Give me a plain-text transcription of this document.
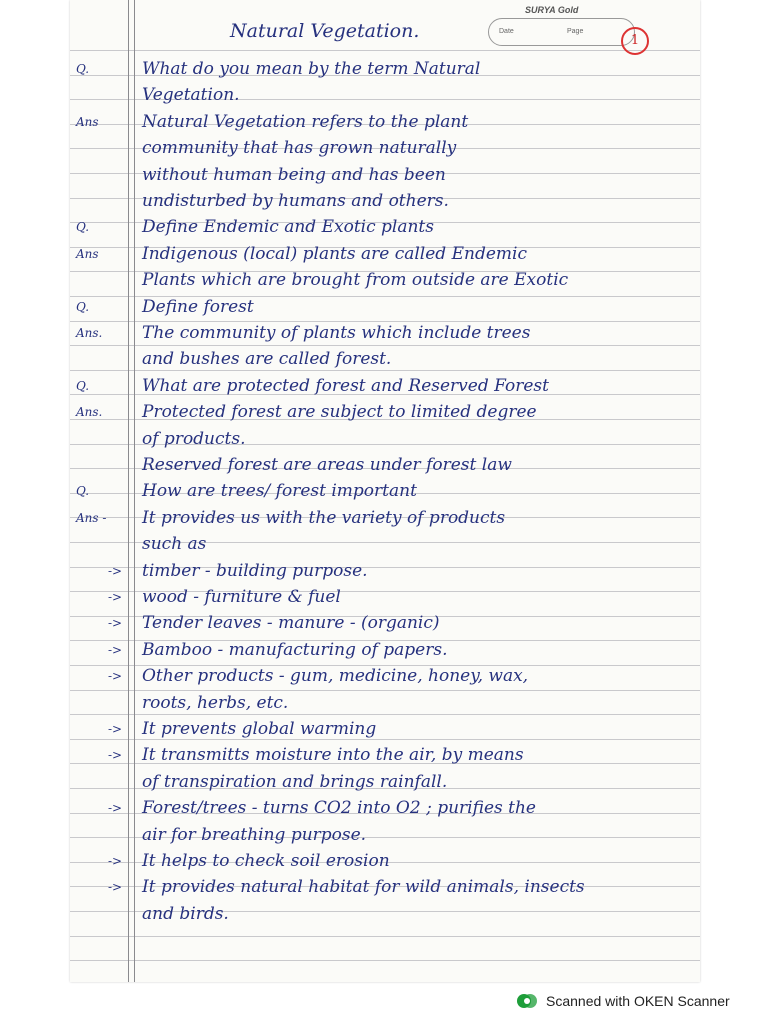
SURYA Gold
Date	Page
1
Natural Vegetation.
Q.	What do you mean by the term Natural
Vegetation.
Ans	Natural Vegetation refers to the plant
community that has grown naturally
without human being and has been
undisturbed by humans and others.
Q.	Define Endemic and Exotic plants
Ans	Indigenous (local) plants are called Endemic
Plants which are brought from outside are Exotic
Q.	Define forest
Ans. The community of plants which include trees
and bushes are called forest.
Q.	What are protected forest and Reserved Forest
Ans. Protected forest are subject to limited degree
of products.
Reserved forest are areas under forest law
Q.	How are trees/ forest important
Ans - It provides us with the variety of products
such as
-> timber - building purpose.
-> wood - furniture & fuel
-> Tender leaves - manure - (organic)
-> Bamboo - manufacturing of papers.
-> Other products - gum, medicine, honey, wax,
roots, herbs, etc.
-> It prevents global warming
-> It transmitts moisture into the air, by means
of transpiration and brings rainfall.
-> Forest/trees - turns CO2 into O2 ; purifies the
air for breathing purpose.
-> It helps to check soil erosion
-> It provides natural habitat for wild animals, insects
and birds.
Scanned with OKEN Scanner
